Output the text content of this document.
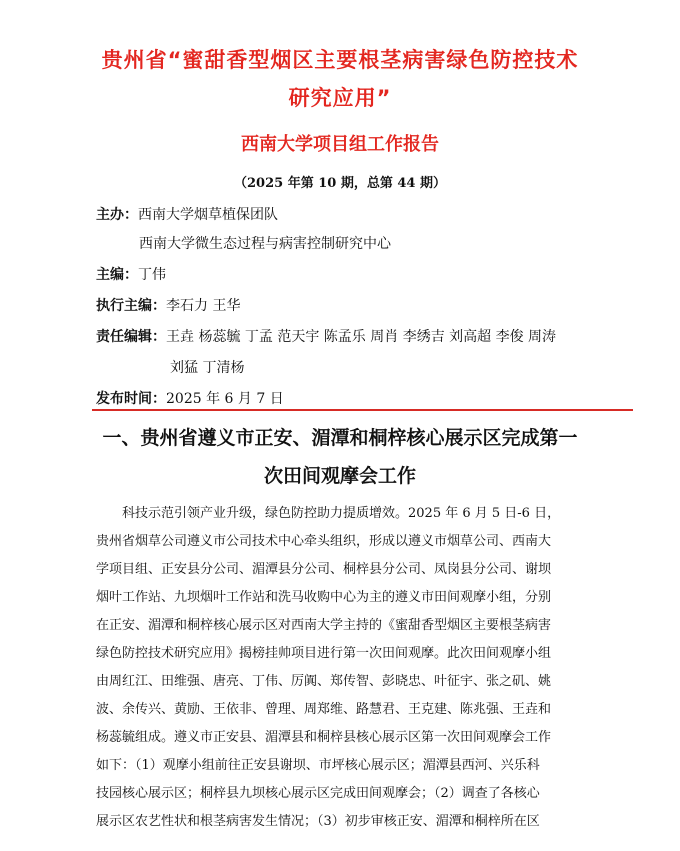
贵州省“蜜甜香型烟区主要根茎病害绿色防控技术
研究应用”
西南大学项目组工作报告
（2025 年第 10 期，总第 44 期）
主办：西南大学烟草植保团队
西南大学微生态过程与病害控制研究中心
主编：丁伟
执行主编：李石力 王华
责任编辑：王垚 杨蕊毓 丁孟 范天宇 陈孟乐 周肖 李绣吉 刘高超 李俊 周涛
刘猛 丁清杨
发布时间：2025 年 6 月 7 日
一、贵州省遵义市正安、湄潭和桐梓核心展示区完成第一
次田间观摩会工作
　　科技示范引领产业升级，绿色防控助力提质增效。2025 年 6 月 5 日-6 日，
贵州省烟草公司遵义市公司技术中心牵头组织，形成以遵义市烟草公司、西南大
学项目组、正安县分公司、湄潭县分公司、桐梓县分公司、凤岗县分公司、谢坝
烟叶工作站、九坝烟叶工作站和洗马收购中心为主的遵义市田间观摩小组，分别
在正安、湄潭和桐梓核心展示区对西南大学主持的《蜜甜香型烟区主要根茎病害
绿色防控技术研究应用》揭榜挂帅项目进行第一次田间观摩。此次田间观摩小组
由周红江、田维强、唐亮、丁伟、厉阗、郑传智、彭晓忠、叶征宇、张之矶、姚
波、余传兴、黄励、王依非、曾理、周郑维、路慧君、王克建、陈兆强、王垚和
杨蕊毓组成。遵义市正安县、湄潭县和桐梓县核心展示区第一次田间观摩会工作
如下：（1）观摩小组前往正安县谢坝、市坪核心展示区；湄潭县西河、兴乐科
技园核心展示区；桐梓县九坝核心展示区完成田间观摩会；（2）调查了各核心
展示区农艺性状和根茎病害发生情况；（3）初步审核正安、湄潭和桐梓所在区
